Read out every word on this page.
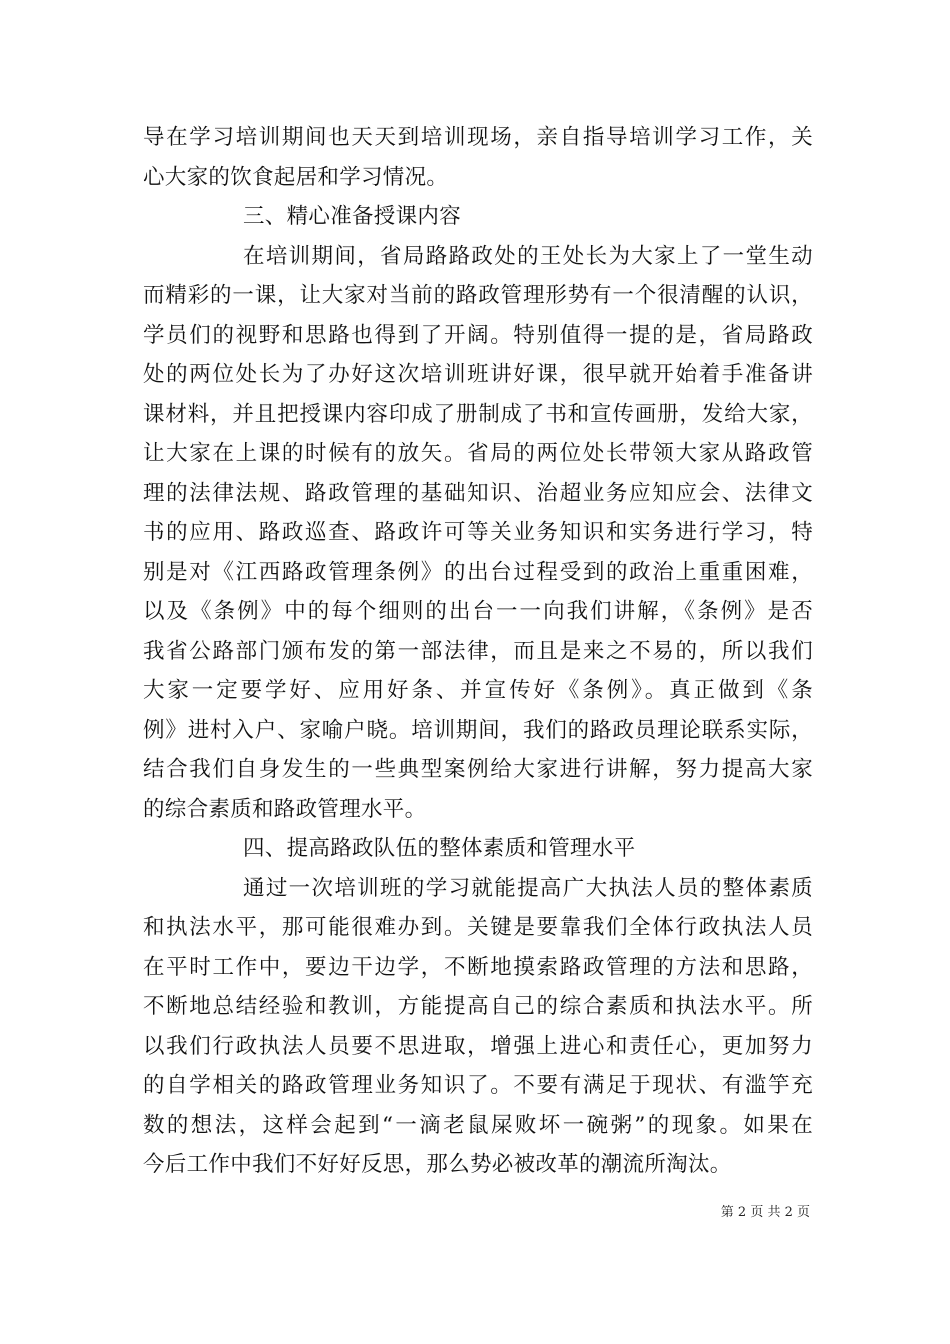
导在学习培训期间也天天到培训现场，亲自指导培训学习工作，关
心大家的饮食起居和学习情况。
三、精心准备授课内容
在培训期间，省局路路政处的王处长为大家上了一堂生动
而精彩的一课，让大家对当前的路政管理形势有一个很清醒的认识，
学员们的视野和思路也得到了开阔。特别值得一提的是，省局路政
处的两位处长为了办好这次培训班讲好课，很早就开始着手准备讲
课材料，并且把授课内容印成了册制成了书和宣传画册，发给大家，
让大家在上课的时候有的放矢。省局的两位处长带领大家从路政管
理的法律法规、路政管理的基础知识、治超业务应知应会、法律文
书的应用、路政巡查、路政许可等关业务知识和实务进行学习，特
别是对《江西路政管理条例》的出台过程受到的政治上重重困难，
以及《条例》中的每个细则的出台一一向我们讲解，《条例》是否
我省公路部门颁布发的第一部法律，而且是来之不易的，所以我们
大家一定要学好、应用好条、并宣传好《条例》。真正做到《条
例》进村入户、家喻户晓。培训期间，我们的路政员理论联系实际，
结合我们自身发生的一些典型案例给大家进行讲解，努力提高大家
的综合素质和路政管理水平。
四、提高路政队伍的整体素质和管理水平
通过一次培训班的学习就能提高广大执法人员的整体素质
和执法水平，那可能很难办到。关键是要靠我们全体行政执法人员
在平时工作中，要边干边学，不断地摸索路政管理的方法和思路，
不断地总结经验和教训，方能提高自己的综合素质和执法水平。所
以我们行政执法人员要不思进取，增强上进心和责任心，更加努力
的自学相关的路政管理业务知识了。不要有满足于现状、有滥竽充
数的想法，这样会起到“一滴老鼠屎败坏一碗粥”的现象。如果在
今后工作中我们不好好反思，那么势必被改革的潮流所淘汰。
第 2 页 共 2 页
